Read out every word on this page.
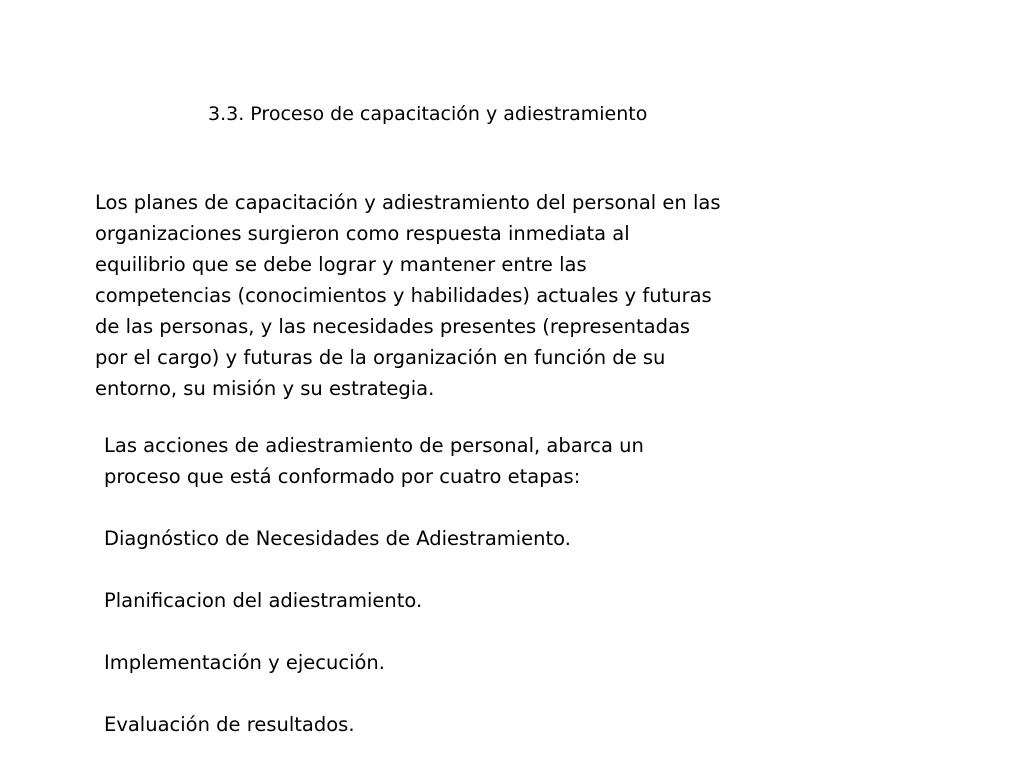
3.3. Proceso de capacitación y adiestramiento
Los planes de capacitación y adiestramiento del personal en las
organizaciones surgieron como respuesta inmediata al
equilibrio que se debe lograr y mantener entre las
competencias (conocimientos y habilidades) actuales y futuras
de las personas, y las necesidades presentes (representadas
por el cargo) y futuras de la organización en función de su
entorno, su misión y su estrategia.
Las acciones de adiestramiento de personal, abarca un
proceso que está conformado por cuatro etapas:
Diagnóstico de Necesidades de Adiestramiento.
Planificacion del adiestramiento.
Implementación y ejecución.
Evaluación de resultados.
